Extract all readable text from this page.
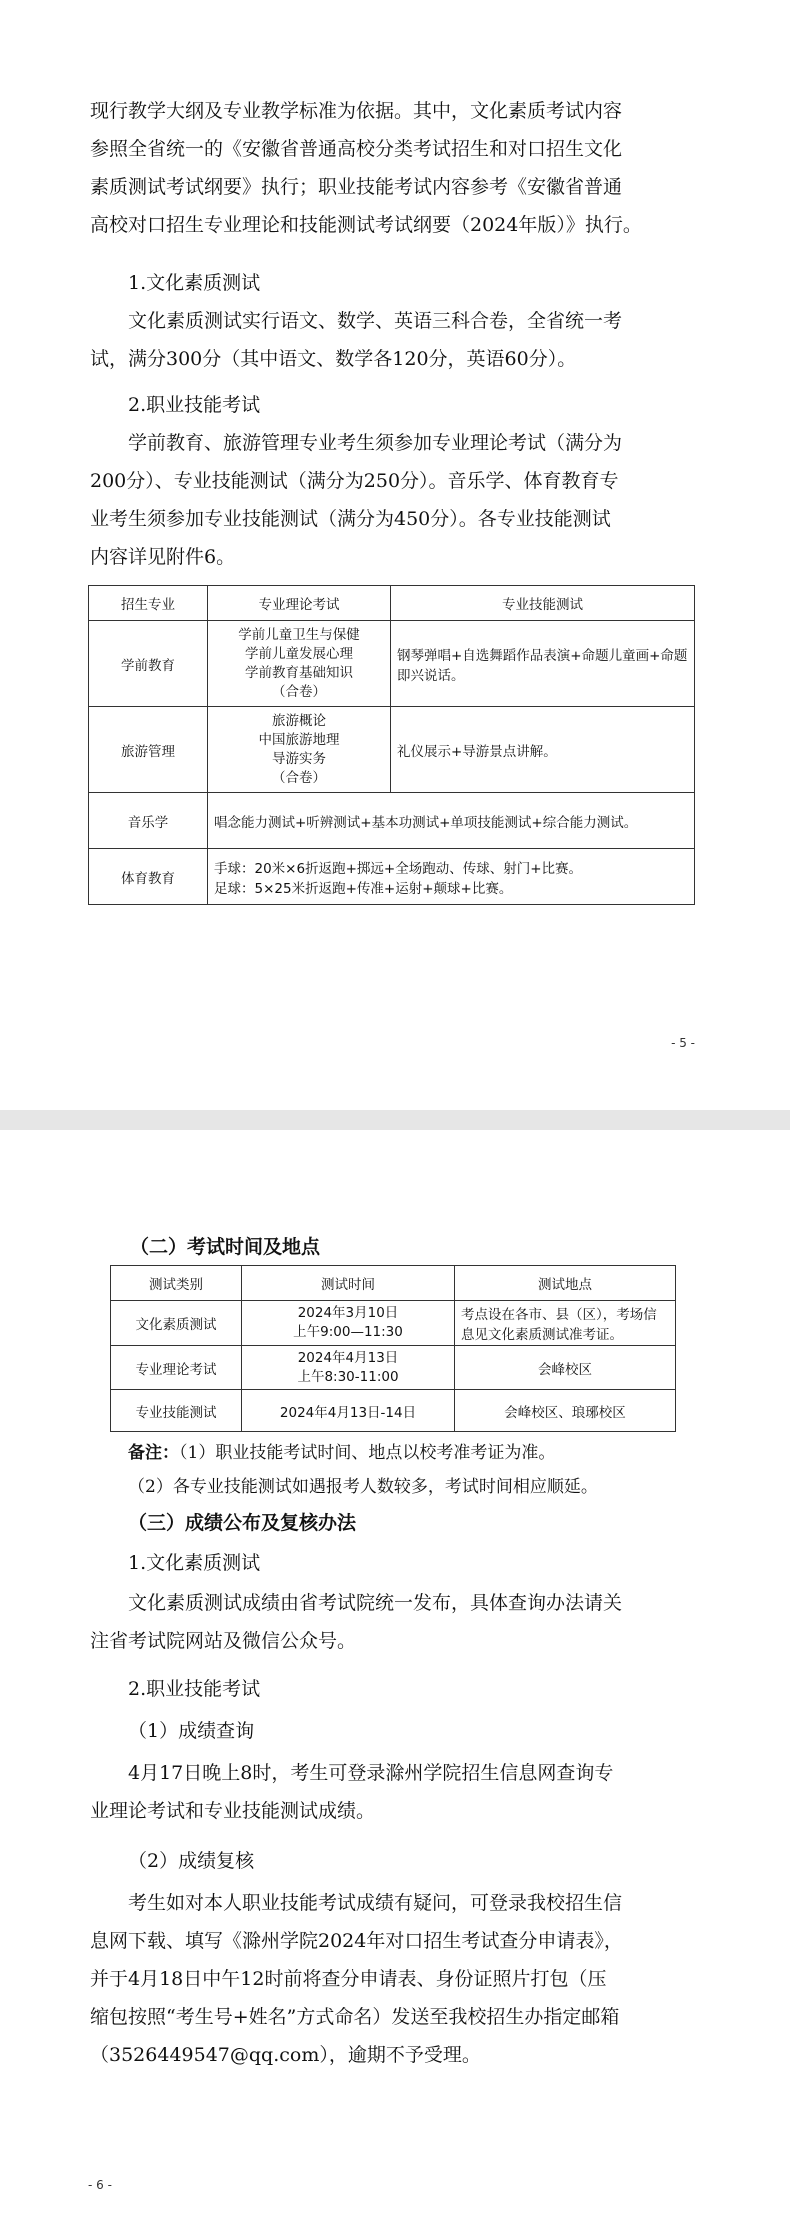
现行教学大纲及专业教学标准为依据。其中，文化素质考试内容
参照全省统一的《安徽省普通高校分类考试招生和对口招生文化
素质测试考试纲要》执行；职业技能考试内容参考《安徽省普通
高校对口招生专业理论和技能测试考试纲要（2024年版）》执行。

1.文化素质测试

文化素质测试实行语文、数学、英语三科合卷，全省统一考
试，满分300分（其中语文、数学各120分，英语60分）。

2.职业技能考试

学前教育、旅游管理专业考生须参加专业理论考试（满分为
200分）、专业技能测试（满分为250分）。音乐学、体育教育专
业考生须参加专业技能测试（满分为450分）。各专业技能测试
内容详见附件6。
招生专业	专业理论考试	专业技能测试
学前教育	学前儿童卫生与保健
学前儿童发展心理
学前教育基础知识
（合卷）	钢琴弹唱+自选舞蹈作品表演+命题儿童画+命题即兴说话。
旅游管理	旅游概论
中国旅游地理
导游实务
（合卷）	礼仪展示+导游景点讲解。
音乐学	唱念能力测试+听辨测试+基本功测试+单项技能测试+综合能力测试。	
体育教育	手球：20米×6折返跑+掷远+全场跑动、传球、射门+比赛。
足球：5×25米折返跑+传准+运射+颠球+比赛。	
- 5 -

（二）考试时间及地点

测试类别	测试时间	测试地点
文化素质测试	2024年3月10日
上午9:00—11:30	考点设在各市、县（区），考场信息见文化素质测试准考证。
专业理论考试	2024年4月13日
上午8:30-11:00	会峰校区
专业技能测试	2024年4月13日-14日	会峰校区、琅琊校区

备注：（1）职业技能考试时间、地点以校考准考证为准。

（2）各专业技能测试如遇报考人数较多，考试时间相应顺延。

（三）成绩公布及复核办法

1.文化素质测试

文化素质测试成绩由省考试院统一发布，具体查询办法请关
注省考试院网站及微信公众号。

2.职业技能考试

（1）成绩查询

4月17日晚上8时，考生可登录滁州学院招生信息网查询专
业理论考试和专业技能测试成绩。

（2）成绩复核

考生如对本人职业技能考试成绩有疑问，可登录我校招生信
息网下载、填写《滁州学院2024年对口招生考试查分申请表》，
并于4月18日中午12时前将查分申请表、身份证照片打包（压
缩包按照“考生号+姓名”方式命名）发送至我校招生办指定邮箱
（3526449547@qq.com），逾期不予受理。
- 6 -
